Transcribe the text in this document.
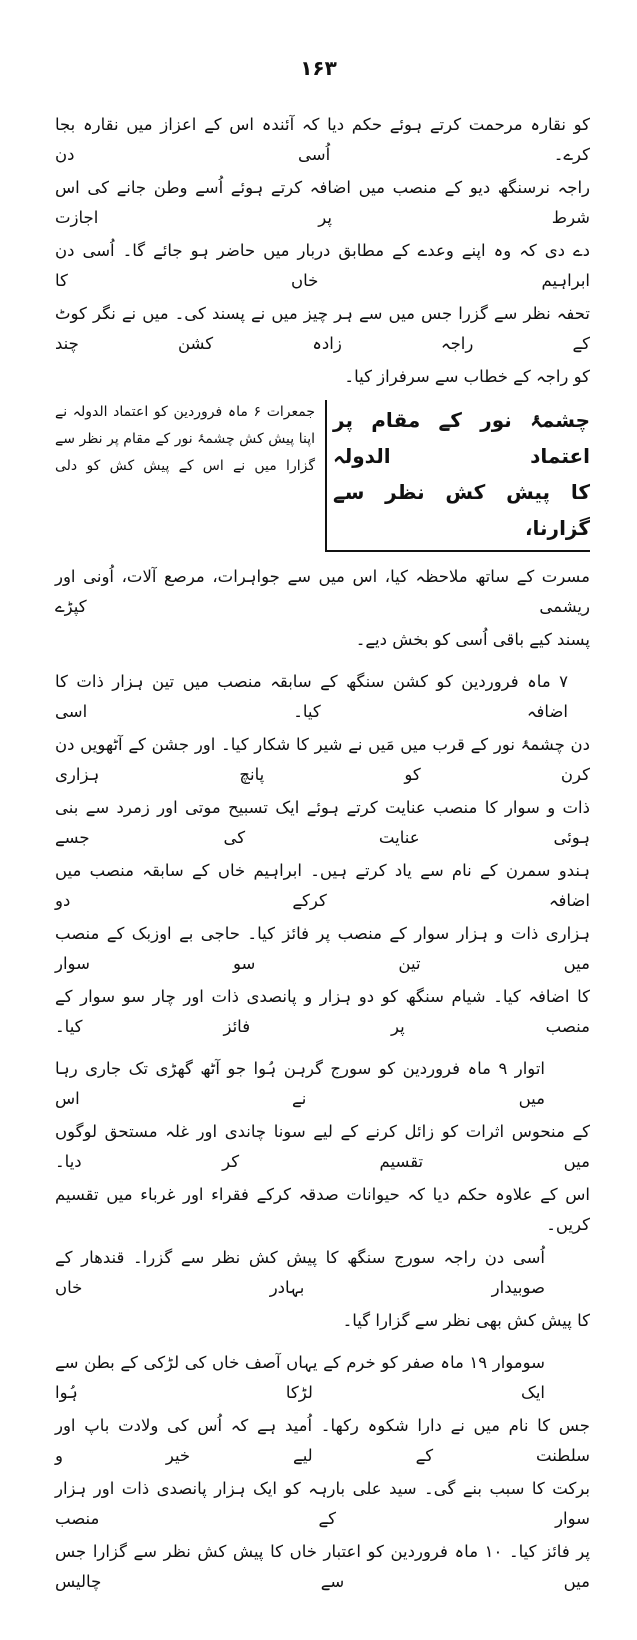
۱۶۳
کو نقارہ مرحمت کرتے ہوئے حکم دیا کہ آئندہ اس کے اعزاز میں نقارہ بجا کرے۔ اُسی دن
راجہ نرسنگھ دیو کے منصب میں اضافہ کرتے ہوئے اُسے وطن جانے کی اس شرط پر اجازت
دے دی کہ وہ اپنے وعدے کے مطابق دربار میں حاضر ہو جائے گا۔ اُسی دن ابراہیم خاں کا
تحفہ نظر سے گزرا جس میں سے ہر چیز میں نے پسند کی۔ میں نے نگر کوٹ کے راجہ زادہ کشن چند
کو راجہ کے خطاب سے سرفراز کیا۔
چشمۂ نور کے مقام پر اعتماد الدولہ
کا پیش کش نظر سے گزارنا،
جمعرات ۶ ماہ فروردین کو اعتماد الدولہ نے
اپنا پیش کش چشمۂ نور کے مقام پر نظر سے
گزارا میں نے اس کے پیش کش کو دلی
مسرت کے ساتھ ملاحظہ کیا، اس میں سے جواہرات، مرصع آلات، اُونی اور ریشمی کپڑے
پسند کیے باقی اُسی کو بخش دیے۔
۷ ماہ فروردین کو کشن سنگھ کے سابقہ منصب میں تین ہزار ذات کا اضافہ کیا۔ اسی
دن چشمۂ نور کے قرب میں مَیں نے شیر کا شکار کیا۔ اور جشن کے آٹھویں دن کرن کو پانچ ہزاری
ذات و سوار کا منصب عنایت کرتے ہوئے ایک تسبیح موتی اور زمرد سے بنی ہوئی عنایت کی جسے
ہندو سمرن کے نام سے یاد کرتے ہیں۔ ابراہیم خاں کے سابقہ منصب میں اضافہ کرکے دو
ہزاری ذات و ہزار سوار کے منصب پر فائز کیا۔ حاجی بے اوزبک کے منصب میں تین سو سوار
کا اضافہ کیا۔ شیام سنگھ کو دو ہزار و پانصدی ذات اور چار سو سوار کے منصب پر فائز کیا۔
اتوار ۹ ماہ فروردین کو سورج گرہن ہُوا جو آٹھ گھڑی تک جاری رہا میں نے اس
کے منحوس اثرات کو زائل کرنے کے لیے سونا چاندی اور غلہ مستحق لوگوں میں تقسیم کر دیا۔
اس کے علاوہ حکم دیا کہ حیوانات صدقہ کرکے فقراء اور غرباء میں تقسیم کریں۔
اُسی دن راجہ سورج سنگھ کا پیش کش نظر سے گزرا۔ قندھار کے صوبیدار بہادر خاں
کا پیش کش بھی نظر سے گزارا گیا۔
سوموار ۱۹ ماہ صفر کو خرم کے یہاں آصف خاں کی لڑکی کے بطن سے ایک لڑکا ہُوا
جس کا نام میں نے دارا شکوہ رکھا۔ اُمید ہے کہ اُس کی ولادت باپ اور سلطنت کے لیے خیر و
برکت کا سبب بنے گی۔ سید علی بارہہ کو ایک ہزار پانصدی ذات اور ہزار سوار کے منصب
پر فائز کیا۔ ۱۰ ماہ فروردین کو اعتبار خاں کا پیش کش نظر سے گزارا جس میں سے چالیس
